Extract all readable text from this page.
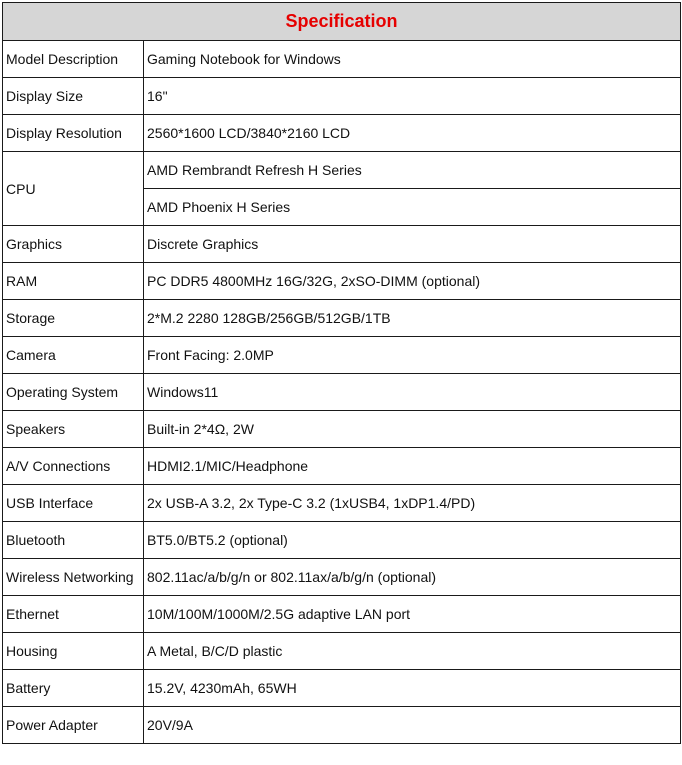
Specification	
Model Description	Gaming Notebook for Windows
Display Size	16"
Display Resolution	2560*1600 LCD/3840*2160 LCD
CPU	AMD Rembrandt Refresh H Series
	AMD Phoenix H Series
Graphics	Discrete Graphics
RAM	PC DDR5 4800MHz 16G/32G, 2xSO-DIMM (optional)
Storage	2*M.2 2280 128GB/256GB/512GB/1TB
Camera	Front Facing: 2.0MP
Operating System	Windows11
Speakers	Built-in 2*4Ω, 2W
A/V Connections	HDMI2.1/MIC/Headphone
USB Interface	2x USB-A 3.2, 2x Type-C 3.2 (1xUSB4, 1xDP1.4/PD)
Bluetooth	BT5.0/BT5.2 (optional)
Wireless Networking	802.11ac/a/b/g/n or 802.11ax/a/b/g/n (optional)
Ethernet	10M/100M/1000M/2.5G adaptive LAN port
Housing	A Metal, B/C/D plastic
Battery	15.2V, 4230mAh, 65WH
Power Adapter	20V/9A
